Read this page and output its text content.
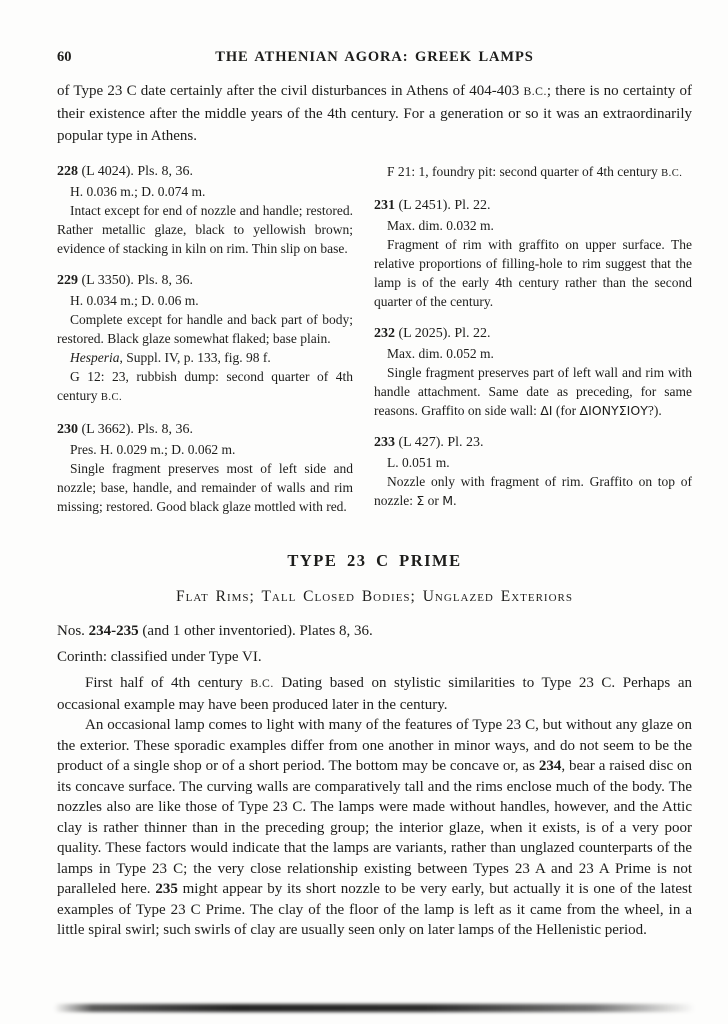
60	THE ATHENIAN AGORA: GREEK LAMPS

of Type 23 C date certainly after the civil disturbances in Athens of 404-403 B.C.; there is no certainty of their existence after the middle years of the 4th century. For a generation or so it was an extraordinarily popular type in Athens.

228 (L 4024). Pls. 8, 36.

H. 0.036 m.; D. 0.074 m.

Intact except for end of nozzle and handle; restored. Rather metallic glaze, black to yellowish brown; evidence of stacking in kiln on rim. Thin slip on base.

229 (L 3350). Pls. 8, 36.

H. 0.034 m.; D. 0.06 m.

Complete except for handle and back part of body; restored. Black glaze somewhat flaked; base plain.

Hesperia, Suppl. IV, p. 133, fig. 98 f.

G 12: 23, rubbish dump: second quarter of 4th century B.C.

230 (L 3662). Pls. 8, 36.

Pres. H. 0.029 m.; D. 0.062 m.

Single fragment preserves most of left side and nozzle; base, handle, and remainder of walls and rim missing; restored. Good black glaze mottled with red.

F 21: 1, foundry pit: second quarter of 4th century B.C.

231 (L 2451). Pl. 22.

Max. dim. 0.032 m.

Fragment of rim with graffito on upper surface. The relative proportions of filling-hole to rim suggest that the lamp is of the early 4th century rather than the second quarter of the century.

232 (L 2025). Pl. 22.

Max. dim. 0.052 m.

Single fragment preserves part of left wall and rim with handle attachment. Same date as preceding, for same reasons. Graffito on side wall: ΔΙ (for ΔΙΟΝΥΣΙΟΥ?).

233 (L 427). Pl. 23.

L. 0.051 m.

Nozzle only with fragment of rim. Graffito on top of nozzle: Σ or M.

TYPE 23 C PRIME
Flat Rims; Tall Closed Bodies; Unglazed Exteriors

Nos. 234-235 (and 1 other inventoried). Plates 8, 36.

Corinth: classified under Type VI.

First half of 4th century B.C. Dating based on stylistic similarities to Type 23 C. Perhaps an occasional example may have been produced later in the century.

An occasional lamp comes to light with many of the features of Type 23 C, but without any glaze on the exterior. These sporadic examples differ from one another in minor ways, and do not seem to be the product of a single shop or of a short period. The bottom may be concave or, as 234, bear a raised disc on its concave surface. The curving walls are comparatively tall and the rims enclose much of the body. The nozzles also are like those of Type 23 C. The lamps were made without handles, however, and the Attic clay is rather thinner than in the preceding group; the interior glaze, when it exists, is of a very poor quality. These factors would indicate that the lamps are variants, rather than unglazed counterparts of the lamps in Type 23 C; the very close relationship existing between Types 23 A and 23 A Prime is not paralleled here. 235 might appear by its short nozzle to be very early, but actually it is one of the latest examples of Type 23 C Prime. The clay of the floor of the lamp is left as it came from the wheel, in a little spiral swirl; such swirls of clay are usually seen only on later lamps of the Hellenistic period.
